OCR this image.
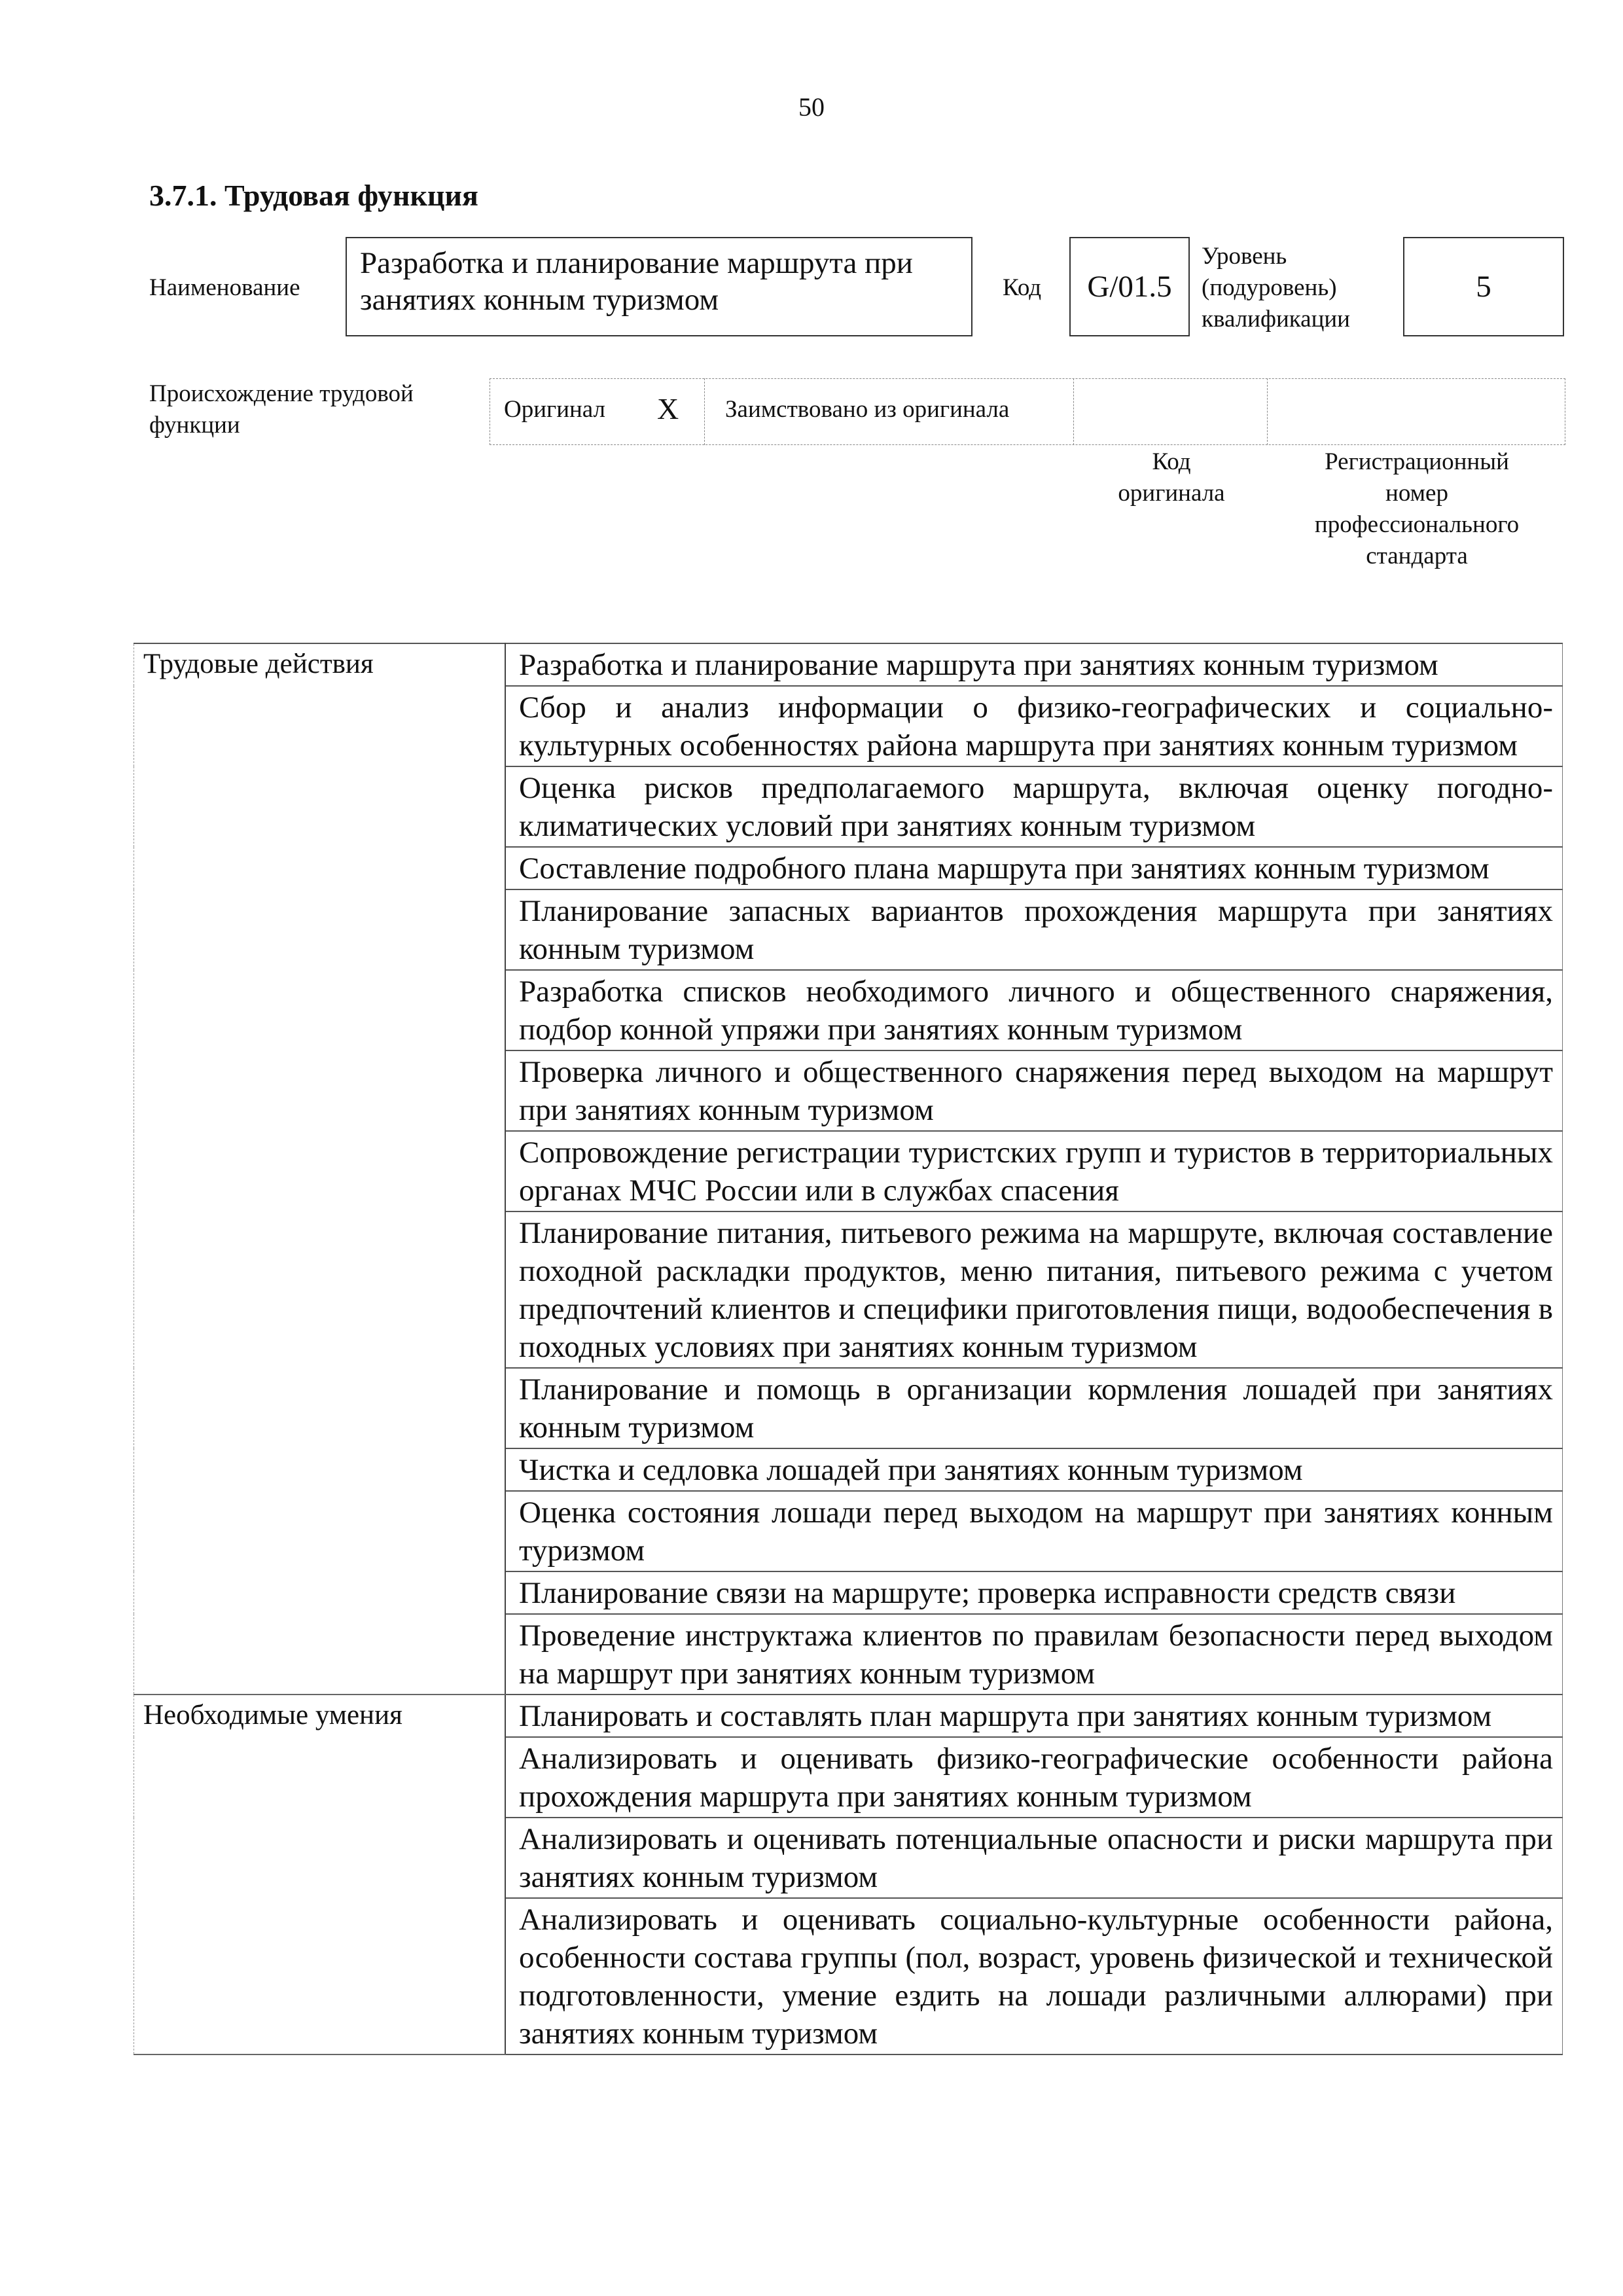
50
3.7.1. Трудовая функция
Наименование
Разработка и планирование маршрута при занятиях конным туризмом	Код	G/01.5
Уровень
(подуровень)
квалификации
5
Происхождение трудовой функции
Оригинал X Заимствовано из оригинала
Код
оригинала
Регистрационный
номер
профессионального
стандарта
Трудовые действия	Разработка и планирование маршрута при занятиях конным туризмом
	Сбор и анализ информации о физико-географических и социально-культурных особенностях района маршрута при занятиях конным туризмом
	Оценка рисков предполагаемого маршрута, включая оценку погодно-климатических условий при занятиях конным туризмом
	Составление подробного плана маршрута при занятиях конным туризмом
	Планирование запасных вариантов прохождения маршрута при занятиях конным туризмом
	Разработка списков необходимого личного и общественного снаряжения, подбор конной упряжи при занятиях конным туризмом
	Проверка личного и общественного снаряжения перед выходом на маршрут при занятиях конным туризмом
	Сопровождение регистрации туристских групп и туристов в территориальных органах МЧС России или в службах спасения
	Планирование питания, питьевого режима на маршруте, включая составление походной раскладки продуктов, меню питания, питьевого режима с учетом предпочтений клиентов и специфики приготовления пищи, водообеспечения в походных условиях при занятиях конным туризмом
	Планирование и помощь в организации кормления лошадей при занятиях конным туризмом
	Чистка и седловка лошадей при занятиях конным туризмом
	Оценка состояния лошади перед выходом на маршрут при занятиях конным туризмом
	Планирование связи на маршруте; проверка исправности средств связи
	Проведение инструктажа клиентов по правилам безопасности перед выходом на маршрут при занятиях конным туризмом
Необходимые умения	Планировать и составлять план маршрута при занятиях конным туризмом
	Анализировать и оценивать физико-географические особенности района прохождения маршрута при занятиях конным туризмом
	Анализировать и оценивать потенциальные опасности и риски маршрута при занятиях конным туризмом
	Анализировать и оценивать социально-культурные особенности района, особенности состава группы (пол, возраст, уровень физической и технической подготовленности, умение ездить на лошади различными аллюрами) при занятиях конным туризмом
